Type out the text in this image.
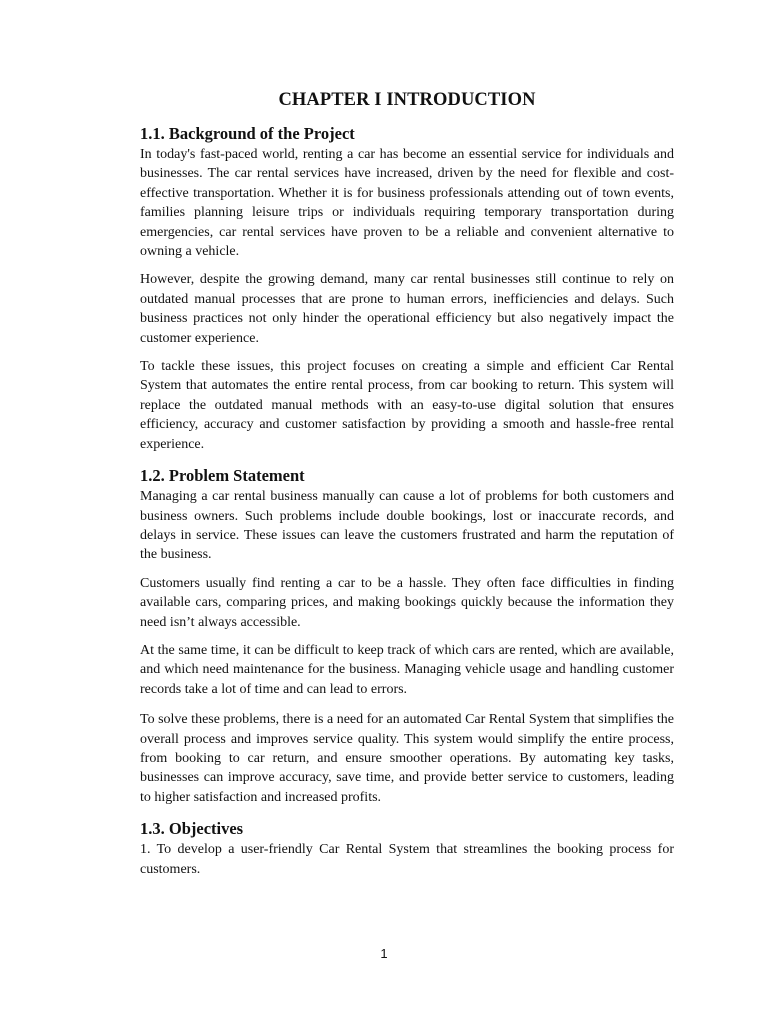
CHAPTER I INTRODUCTION
1.1. Background of the Project

In today's fast-paced world, renting a car has become an essential service for individuals and businesses. The car rental services have increased, driven by the need for flexible and cost-effective transportation. Whether it is for business professionals attending out of town events, families planning leisure trips or individuals requiring temporary transportation during emergencies, car rental services have proven to be a reliable and convenient alternative to owning a vehicle.

However, despite the growing demand, many car rental businesses still continue to rely on outdated manual processes that are prone to human errors, inefficiencies and delays. Such business practices not only hinder the operational efficiency but also negatively impact the customer experience.

To tackle these issues, this project focuses on creating a simple and efficient Car Rental System that automates the entire rental process, from car booking to return. This system will replace the outdated manual methods with an easy-to-use digital solution that ensures efficiency, accuracy and customer satisfaction by providing a smooth and hassle-free rental experience.

1.2. Problem Statement

Managing a car rental business manually can cause a lot of problems for both customers and business owners. Such problems include double bookings, lost or inaccurate records, and delays in service. These issues can leave the customers frustrated and harm the reputation of the business.

Customers usually find renting a car to be a hassle. They often face difficulties in finding available cars, comparing prices, and making bookings quickly because the information they need isn’t always accessible.

At the same time, it can be difficult to keep track of which cars are rented, which are available, and which need maintenance for the business. Managing vehicle usage and handling customer records take a lot of time and can lead to errors.

To solve these problems, there is a need for an automated Car Rental System that simplifies the overall process and improves service quality. This system would simplify the entire process, from booking to car return, and ensure smoother operations. By automating key tasks, businesses can improve accuracy, save time, and provide better service to customers, leading to higher satisfaction and increased profits.

1.3. Objectives

1. To develop a user-friendly Car Rental System that streamlines the booking process for customers.

1
